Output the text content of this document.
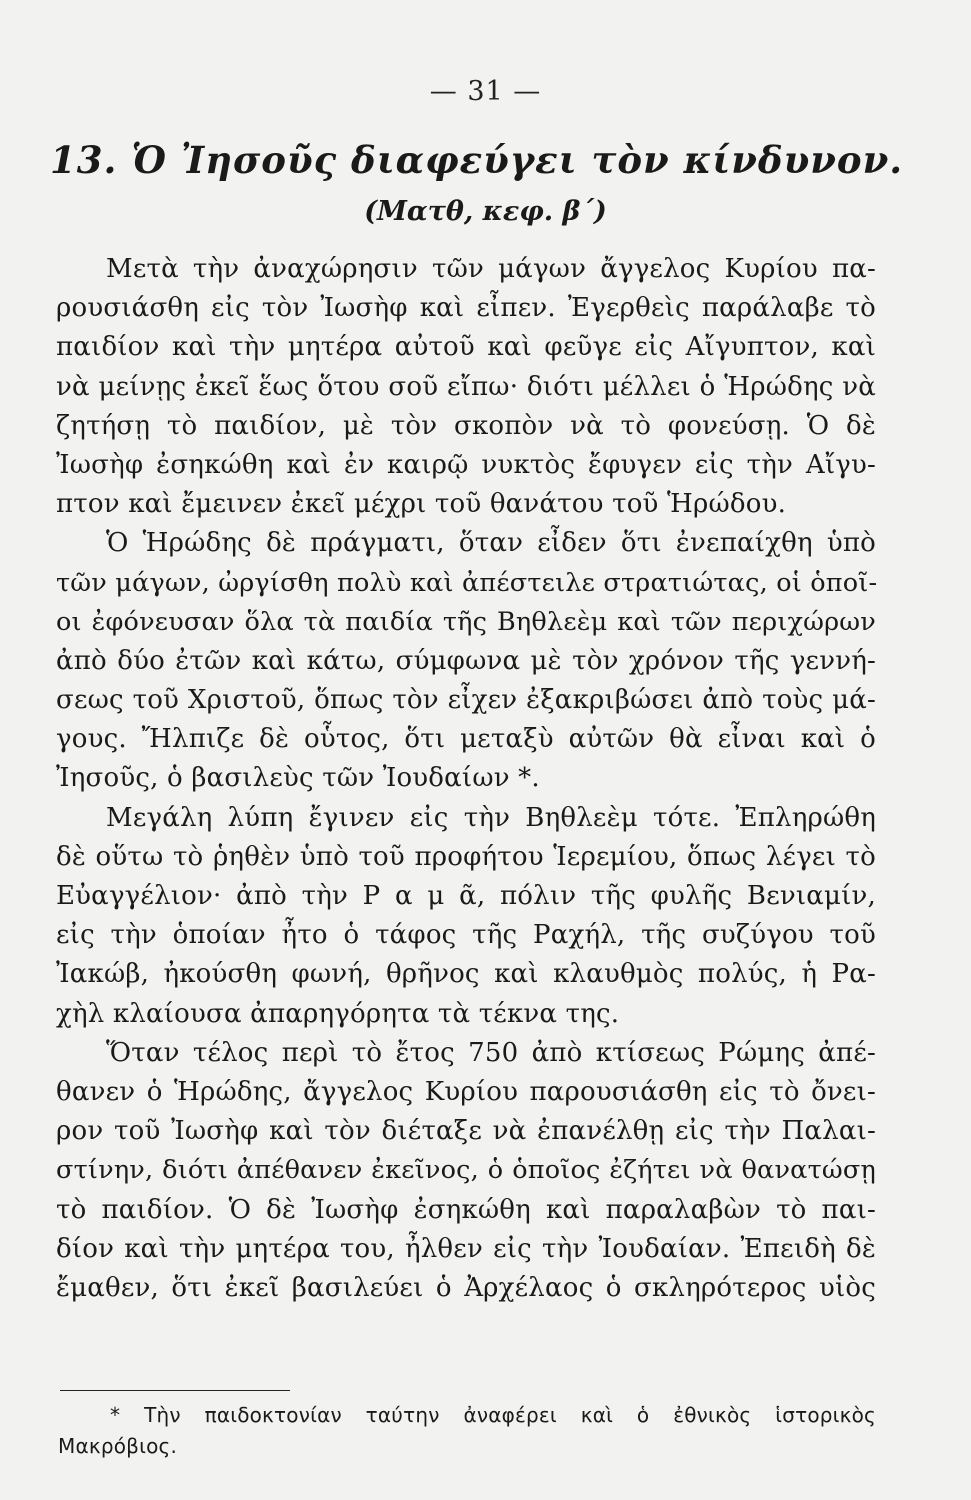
— 31 —
13. Ὁ Ἰησοῦς διαφεύγει τὸν κίνδυνον.
(Ματθ, κεφ. β΄)
Μετὰ τὴν ἀναχώρησιν τῶν μάγων ἄγγελος Κυρίου πα-
ρουσιάσθη εἰς τὸν Ἰωσὴφ καὶ εἶπεν. Ἐγερθεὶς παράλαβε τὸ
παιδίον καὶ τὴν μητέρα αὐτοῦ καὶ φεῦγε εἰς Αἴγυπτον, καὶ
νὰ μείνῃς ἐκεῖ ἕως ὅτου σοῦ εἴπω· διότι μέλλει ὁ Ἡρώδης νὰ
ζητήσῃ τὸ παιδίον, μὲ τὸν σκοπὸν νὰ τὸ φονεύσῃ. Ὁ δὲ
Ἰωσὴφ ἐσηκώθη καὶ ἐν καιρῷ νυκτὸς ἔφυγεν εἰς τὴν Αἴγυ-
πτον καὶ ἔμεινεν ἐκεῖ μέχρι τοῦ θανάτου τοῦ Ἡρώδου.
Ὁ Ἡρώδης δὲ πράγματι, ὅταν εἶδεν ὅτι ἐνεπαίχθη ὑπὸ
τῶν μάγων, ὠργίσθη πολὺ καὶ ἀπέστειλε στρατιώτας, οἱ ὁποῖ-
οι ἐφόνευσαν ὅλα τὰ παιδία τῆς Βηθλεὲμ καὶ τῶν περιχώρων
ἀπὸ δύο ἐτῶν καὶ κάτω, σύμφωνα μὲ τὸν χρόνον τῆς γεννή-
σεως τοῦ Χριστοῦ, ὅπως τὸν εἶχεν ἐξακριβώσει ἀπὸ τοὺς μά-
γους. Ἤλπιζε δὲ οὗτος, ὅτι μεταξὺ αὐτῶν θὰ εἶναι καὶ ὁ
Ἰησοῦς, ὁ βασιλεὺς τῶν Ἰουδαίων *.
Μεγάλη λύπη ἔγινεν εἰς τὴν Βηθλεὲμ τότε. Ἐπληρώθη
δὲ οὕτω τὸ ῥηθὲν ὑπὸ τοῦ προφήτου Ἱερεμίου, ὅπως λέγει τὸ
Εὐαγγέλιον· ἀπὸ τὴν Ρ α μ ᾶ, πόλιν τῆς φυλῆς Βενιαμίν,
εἰς τὴν ὁποίαν ἦτο ὁ τάφος τῆς Ραχήλ, τῆς συζύγου τοῦ
Ἰακώβ, ἠκούσθη φωνή, θρῆνος καὶ κλαυθμὸς πολύς, ἡ Ρα-
χὴλ κλαίουσα ἀπαρηγόρητα τὰ τέκνα της.
Ὅταν τέλος περὶ τὸ ἔτος 750 ἀπὸ κτίσεως Ρώμης ἀπέ-
θανεν ὁ Ἡρώδης, ἄγγελος Κυρίου παρουσιάσθη εἰς τὸ ὄνει-
ρον τοῦ Ἰωσὴφ καὶ τὸν διέταξε νὰ ἐπανέλθῃ εἰς τὴν Παλαι-
στίνην, διότι ἀπέθανεν ἐκεῖνος, ὁ ὁποῖος ἐζήτει νὰ θανατώσῃ
τὸ παιδίον. Ὁ δὲ Ἰωσὴφ ἐσηκώθη καὶ παραλαβὼν τὸ παι-
δίον καὶ τὴν μητέρα του, ἦλθεν εἰς τὴν Ἰουδαίαν. Ἐπειδὴ δὲ
ἔμαθεν, ὅτι ἐκεῖ βασιλεύει ὁ Ἀρχέλαος ὁ σκληρότερος υἱὸς
* Τὴν παιδοκτονίαν ταύτην ἀναφέρει καὶ ὁ ἐθνικὸς ἱστορικὸς
Μακρόβιος.
